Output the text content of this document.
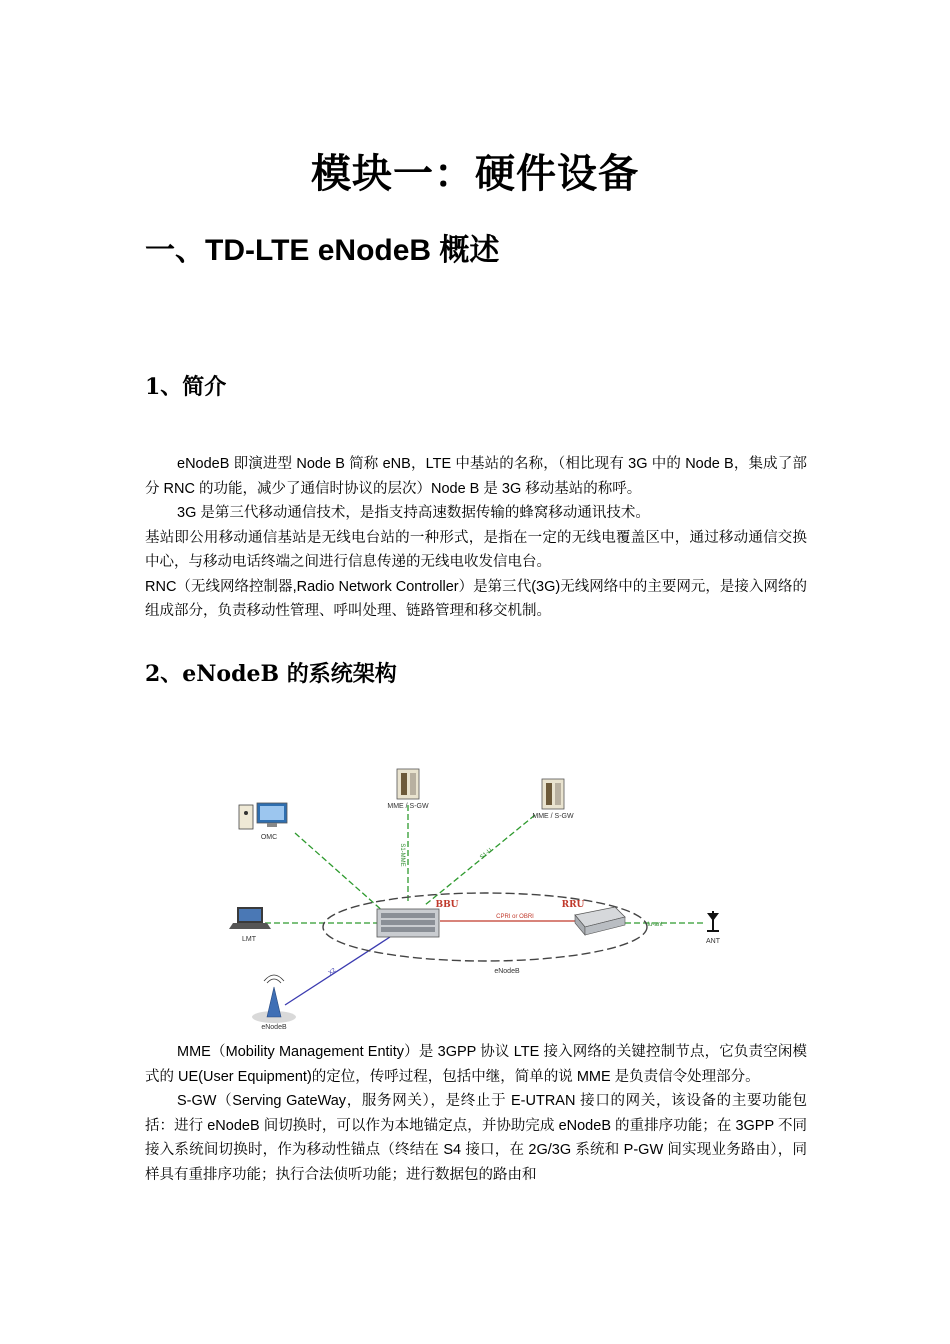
模块一：硬件设备
一、TD-LTE eNodeB 概述
1、简介

eNodeB 即演进型 Node B 简称 eNB，LTE 中基站的名称，（相比现有 3G 中的 Node B，集成了部分 RNC 的功能，减少了通信时协议的层次）Node B 是 3G 移动基站的称呼。

3G 是第三代移动通信技术，是指支持高速数据传输的蜂窝移动通讯技术。

基站即公用移动通信基站是无线电台站的一种形式，是指在一定的无线电覆盖区中，通过移动通信交换中心，与移动电话终端之间进行信息传递的无线电收发信电台。

RNC（无线网络控制器,Radio Network Controller）是第三代(3G)无线网络中的主要网元，是接入网络的组成部分，负责移动性管理、呼叫处理、链路管理和移交机制。

2、eNodeB 的系统架构
MME / S-GW
MME / S-GW
OMC
LMT
BBU
CPRI or OBRI
RRU
Iu-ant
ANT
S1-MME	S1-U
X2	eNodeB
eNodeB

MME（Mobility Management Entity）是 3GPP 协议 LTE 接入网络的关键控制节点，它负责空闲模式的 UE(User Equipment)的定位，传呼过程，包括中继，简单的说 MME 是负责信令处理部分。

S-GW（Serving GateWay，服务网关），是终止于 E-UTRAN 接口的网关，该设备的主要功能包括：进行 eNodeB 间切换时，可以作为本地锚定点，并协助完成 eNodeB 的重排序功能；在 3GPP 不同接入系统间切换时，作为移动性锚点（终结在 S4 接口，在 2G/3G 系统和 P-GW 间实现业务路由），同样具有重排序功能；执行合法侦听功能；进行数据包的路由和
